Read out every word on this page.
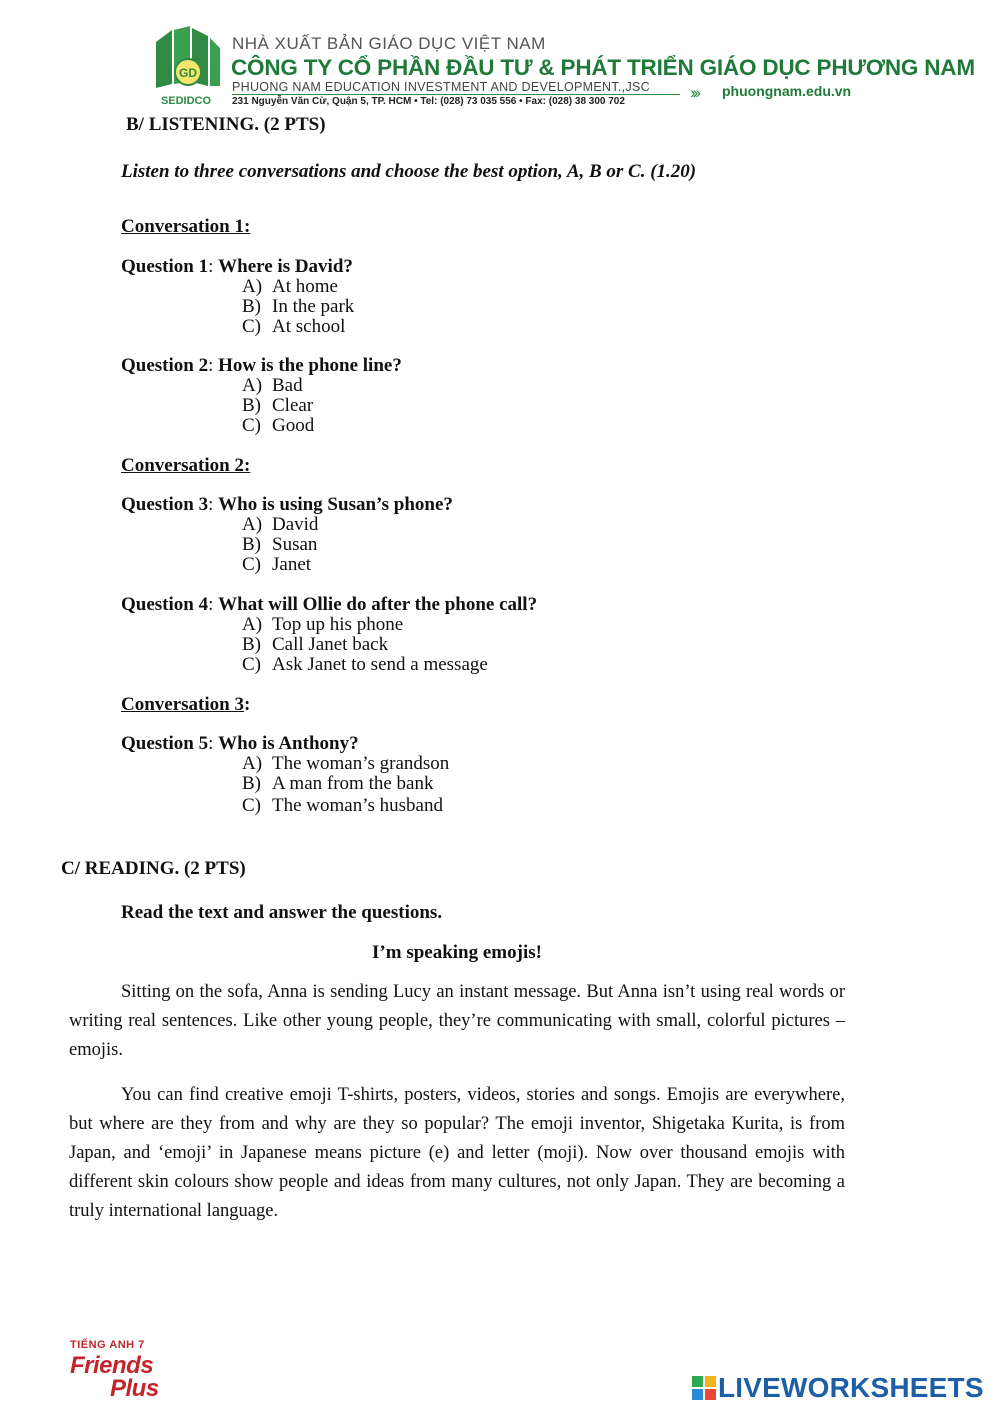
GD
SEDIDCO
NHÀ XUẤT BẢN GIÁO DỤC VIỆT NAM
CÔNG TY CỔ PHẦN ĐẦU TƯ & PHÁT TRIỂN GIÁO DỤC PHƯƠNG NAM
PHUONG NAM EDUCATION INVESTMENT AND DEVELOPMENT.,JSC
231 Nguyễn Văn Cừ, Quận 5, TP. HCM • Tel: (028) 73 035 556 • Fax: (028) 38 300 702	››› phuongnam.edu.vn
B/ LISTENING. (2 PTS)
Listen to three conversations and choose the best option, A, B or C. (1.20)
Conversation 1:
Question 1: Where is David?
A) At home
B) In the park
C) At school
Question 2: How is the phone line?
A) Bad
B) Clear
C) Good
Conversation 2:
Question 3: Who is using Susan’s phone?
A) David
B) Susan
C) Janet
Question 4: What will Ollie do after the phone call?
A) Top up his phone
B) Call Janet back
C) Ask Janet to send a message
Conversation 3:
Question 5: Who is Anthony?
A) The woman’s grandson
B) A man from the bank
C) The woman’s husband
C/ READING. (2 PTS)
Read the text and answer the questions.
I’m speaking emojis!
Sitting on the sofa, Anna is sending Lucy an instant message. But Anna isn’t using real words or writing real sentences. Like other young people, they’re communicating with small, colorful pictures – emojis.
You can find creative emoji T-shirts, posters, videos, stories and songs. Emojis are everywhere, but where are they from and why are they so popular? The emoji inventor, Shigetaka Kurita, is from Japan, and ‘emoji’ in Japanese means picture (e) and letter (moji). Now over thousand emojis with different skin colours show people and ideas from many cultures, not only Japan. They are becoming a truly international language.
TIẾNG ANH 7
Friends
Plus	LIVEWORKSHEETS
